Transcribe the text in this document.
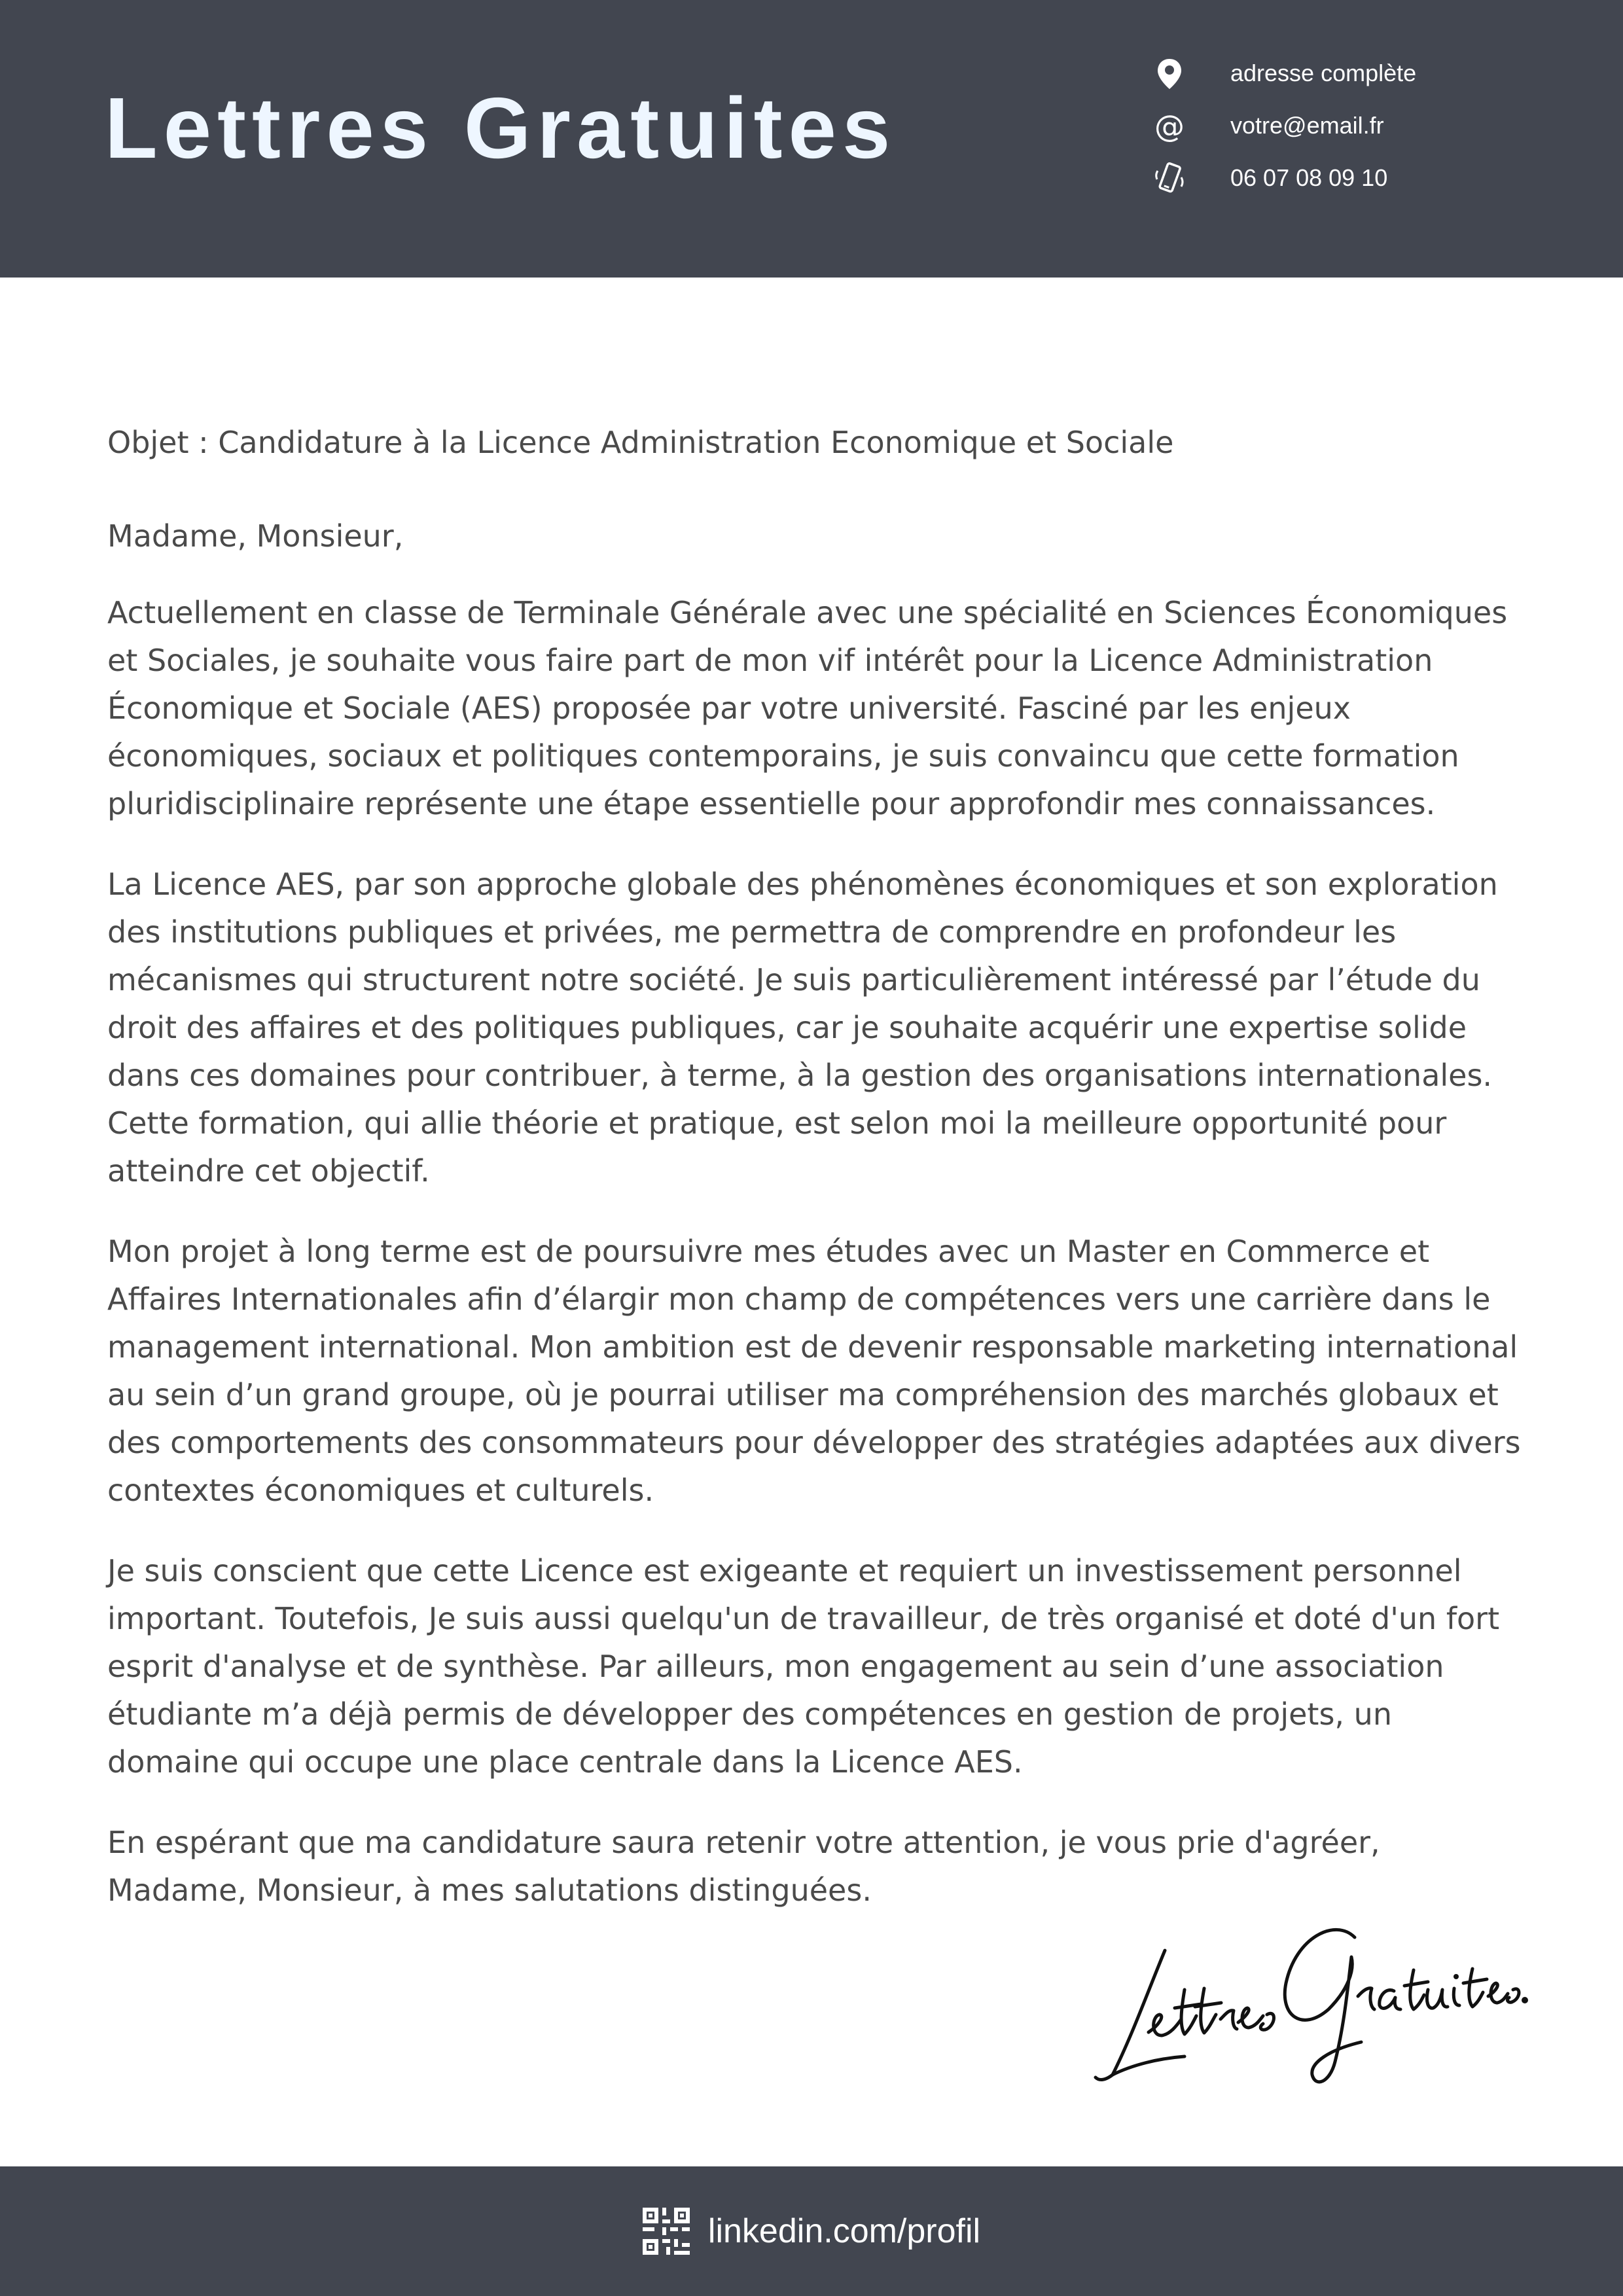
Lettres Gratuites
adresse complète
@ votre@email.fr
06 07 08 09 10

Objet : Candidature à la Licence Administration Economique et Sociale

Madame, Monsieur,

Actuellement en classe de Terminale Générale avec une spécialité en Sciences Économiques et Sociales, je souhaite vous faire part de mon vif intérêt pour la Licence Administration Économique et Sociale (AES) proposée par votre université. Fasciné par les enjeux économiques, sociaux et politiques contemporains, je suis convaincu que cette formation pluridisciplinaire représente une étape essentielle pour approfondir mes connaissances.

La Licence AES, par son approche globale des phénomènes économiques et son exploration des institutions publiques et privées, me permettra de comprendre en profondeur les mécanismes qui structurent notre société. Je suis particulièrement intéressé par l’étude du droit des affaires et des politiques publiques, car je souhaite acquérir une expertise solide dans ces domaines pour contribuer, à terme, à la gestion des organisations internationales. Cette formation, qui allie théorie et pratique, est selon moi la meilleure opportunité pour atteindre cet objectif.

Mon projet à long terme est de poursuivre mes études avec un Master en Commerce et Affaires Internationales afin d’élargir mon champ de compétences vers une carrière dans le management international. Mon ambition est de devenir responsable marketing international au sein d’un grand groupe, où je pourrai utiliser ma compréhension des marchés globaux et des comportements des consommateurs pour développer des stratégies adaptées aux divers contextes économiques et culturels.

Je suis conscient que cette Licence est exigeante et requiert un investissement personnel important. Toutefois, Je suis aussi quelqu'un de travailleur, de très organisé et doté d'un fort esprit d'analyse et de synthèse. Par ailleurs, mon engagement au sein d’une association étudiante m’a déjà permis de développer des compétences en gestion de projets, un domaine qui occupe une place centrale dans la Licence AES.

En espérant que ma candidature saura retenir votre attention, je vous prie d'agréer, Madame, Monsieur, à mes salutations distinguées.

linkedin.com/profil
